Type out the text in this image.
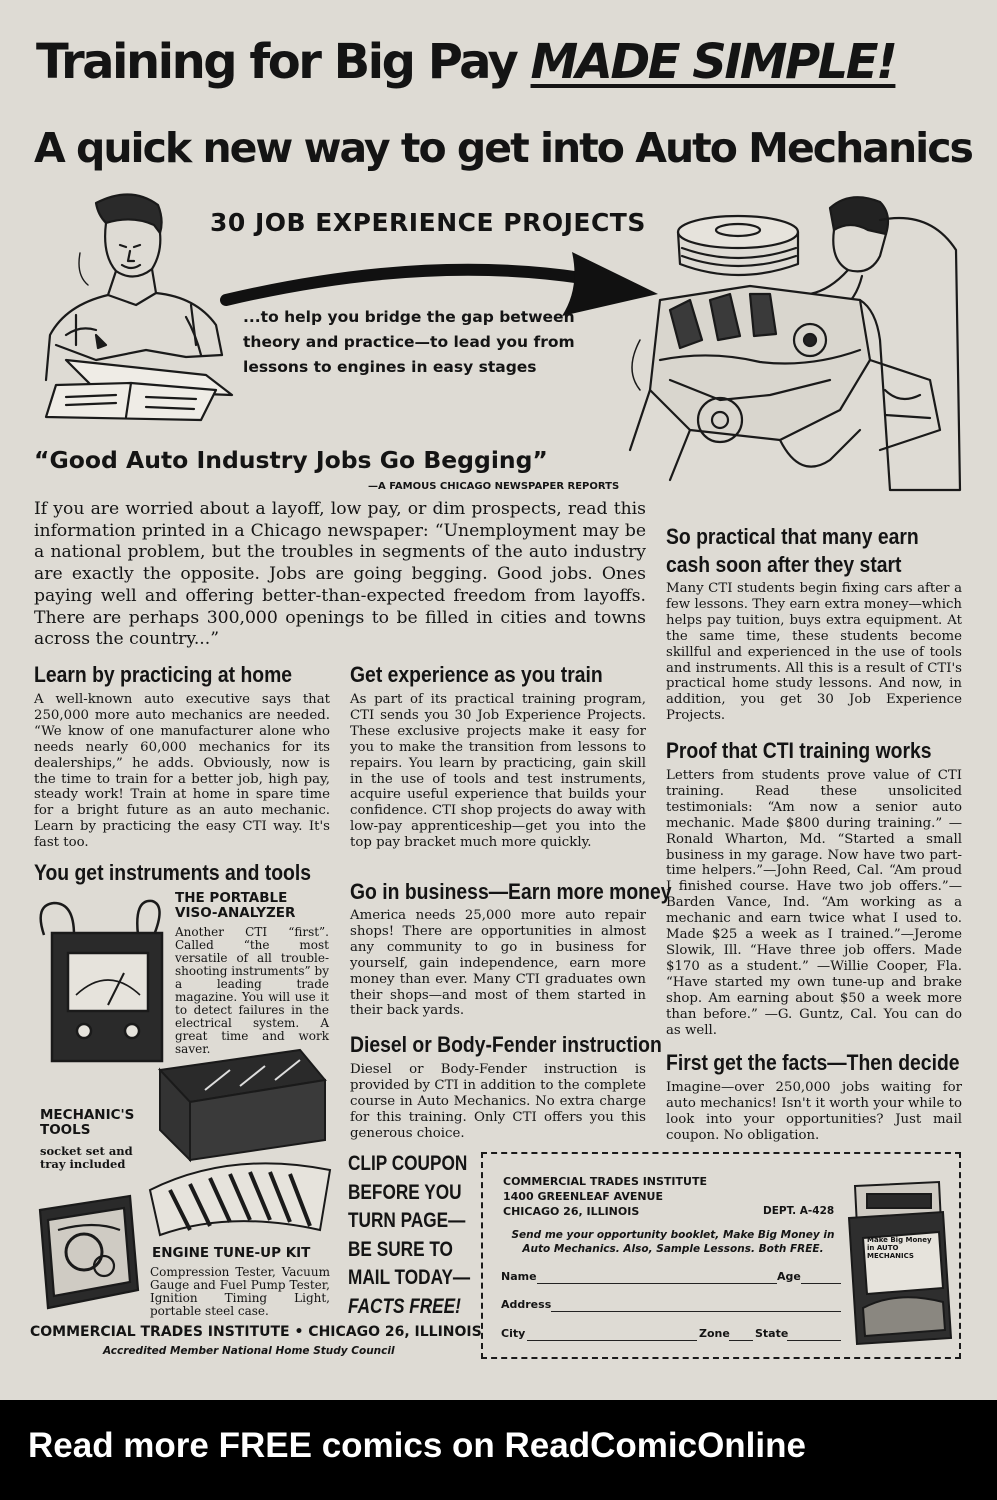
Training for Big Pay MADE SIMPLE!
A quick new way to get into Auto Mechanics
30 JOB EXPERIENCE PROJECTS
...to help you bridge the gap between theory and practice—to lead you from lessons to engines in easy stages
“Good Auto Industry Jobs Go Begging”
—A FAMOUS CHICAGO NEWSPAPER REPORTS
If you are worried about a layoff, low pay, or dim prospects, read this information printed in a Chicago newspaper: “Unemployment may be a national problem, but the troubles in segments of the auto industry are exactly the opposite. Jobs are going begging. Good jobs. Ones paying well and offering better-than-expected freedom from layoffs. There are perhaps 300,000 openings to be filled in cities and towns across the country...”
Learn by practicing at home
A well-known auto executive says that 250,000 more auto mechanics are needed. “We know of one manufacturer alone who needs nearly 60,000 mechanics for its dealerships,” he adds. Obviously, now is the time to train for a better job, high pay, steady work! Train at home in spare time for a bright future as an auto mechanic. Learn by practicing the easy CTI way. It's fast too.
You get instruments and tools
THE PORTABLE VISO-ANALYZER
Another CTI “first”. Called “the most versatile of all trouble-shooting instruments” by a leading trade magazine. You will use it to detect failures in the electrical system. A great time and work saver.
MECHANIC'S TOOLS
socket set and tray included
ENGINE TUNE-UP KIT
Compression Tester, Vacuum Gauge and Fuel Pump Tester, Ignition Timing Light, portable steel case.
Get experience as you train
As part of its practical training program, CTI sends you 30 Job Experience Projects. These exclusive projects make it easy for you to make the transition from lessons to repairs. You learn by practicing, gain skill in the use of tools and test instruments, acquire useful experience that builds your confidence. CTI shop projects do away with low-pay apprenticeship—get you into the top pay bracket much more quickly.
Go in business—Earn more money
America needs 25,000 more auto repair shops! There are opportunities in almost any community to go in business for yourself, gain independence, earn more money than ever. Many CTI graduates own their shops—and most of them started in their back yards.
Diesel or Body-Fender instruction
Diesel or Body-Fender instruction is provided by CTI in addition to the complete course in Auto Mechanics. No extra charge for this training. Only CTI offers you this generous choice.
So practical that many earn
cash soon after they start
Many CTI students begin fixing cars after a few lessons. They earn extra money—which helps pay tuition, buys extra equipment. At the same time, these students become skillful and experienced in the use of tools and instruments. All this is a result of CTI's practical home study lessons. And now, in addition, you get 30 Job Experience Projects.
Proof that CTI training works
Letters from students prove value of CTI training. Read these unsolicited testimonials: “Am now a senior auto mechanic. Made $800 during training.” —Ronald Wharton, Md. “Started a small business in my garage. Now have two part-time helpers.”—John Reed, Cal. “Am proud I finished course. Have two job offers.”—Barden Vance, Ind. “Am working as a mechanic and earn twice what I used to. Made $25 a week as I trained.”—Jerome Slowik, Ill. “Have three job offers. Made $170 as a student.” —Willie Cooper, Fla. “Have started my own tune-up and brake shop. Am earning about $50 a week more than before.” —G. Guntz, Cal. You can do as well.
First get the facts—Then decide
Imagine—over 250,000 jobs waiting for auto mechanics! Isn't it worth your while to look into your opportunities? Just mail coupon. No obligation.
CLIP COUPON
BEFORE YOU
TURN PAGE—
BE SURE TO
MAIL TODAY—
FACTS FREE!
COMMERCIAL TRADES INSTITUTE
1400 GREENLEAF AVENUE
CHICAGO 26, ILLINOIS	DEPT. A-428
Send me your opportunity booklet, Make Big Money in Auto Mechanics. Also, Sample Lessons. Both FREE.
Name	Age
Address
City	Zone State
Make Big Money in AUTO MECHANICS
COMMERCIAL TRADES INSTITUTE • CHICAGO 26, ILLINOIS
Accredited Member National Home Study Council
Read more FREE comics on ReadComicOnline
